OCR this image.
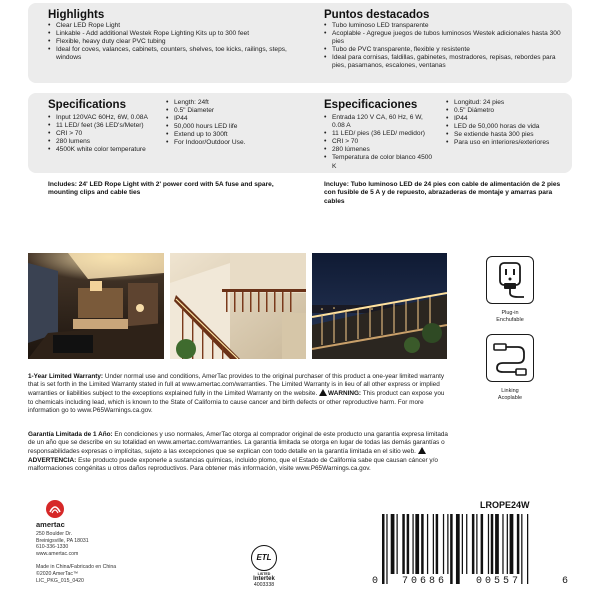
Highlights
• Clear LED Rope Light
• Linkable - Add additional Westek Rope Lighting Kits up to 300 feet
• Flexible, heavy duty clear PVC tubing
• Ideal for coves, valances, cabinets, counters, shelves, toe kicks, railings, steps, windows
Puntos destacados
• Tubo luminoso LED transparente
• Acoplable - Agregue juegos de tubos luminosos Westek adicionales hasta 300 pies
• Tubo de PVC transparente, flexible y resistente
• Ideal para cornisas, faldillas, gabinetes, mostradores, repisas, rebordes para pies, pasamanos, escalones, ventanas
Specifications
• Input 120VAC 60Hz, 6W, 0.08A
• 11 LED/ feet (36 LED's/Meter)
• CRI > 70
• 280 lumens
• 4500K white color temperature
• Length: 24ft
• 0.5" Diameter
• IP44
• 50,000 hours LED life
• Extend up to 300ft
• For Indoor/Outdoor Use.
Especificaciones
• Entrada 120 V CA, 60 Hz, 6 W, 0.08 A
• 11 LED/ pies (36 LED/ medidor)
• CRI > 70
• 280 lúmenes
• Temperatura de color blanco 4500 K
• Longitud: 24 pies
• 0.5" Diámetro
• IP44
• LED de 50,000 horas de vida
• Se extiende hasta 300 pies
• Para uso en interiores/exteriores
Includes: 24' LED Rope Light with 2' power cord with 5A fuse and spare, mounting clips and cable ties
Incluye: Tubo luminoso LED de 24 pies con cable de alimentación de 2 pies con fusible de 5 A y de repuesto, abrazaderas de montaje y amarras para cables
Plug-in
Enchufable
Linking
Acoplable
1-Year Limited Warranty: Under normal use and conditions, AmerTac provides to the original purchaser of this product a one-year limited warranty that is set forth in the Limited Warranty stated in full at www.amertac.com/warranties. The Limited Warranty is in lieu of all other express or implied warranties or liabilities subject to the exceptions explained fully in the Limited Warranty on the website. WARNING: This product can expose you to chemicals including lead, which is known to the State of California to cause cancer and birth defects or other reproductive harm. For more information go to www.P65Warnings.ca.gov.
Garantía Limitada de 1 Año: En condiciones y uso normales, AmerTac otorga al comprador original de este producto una garantía expresa limitada de un año que se describe en su totalidad en www.amertac.com/warranties. La garantía limitada se otorga en lugar de todas las demás garantías o responsabilidades expresas o implícitas, sujeto a las excepciones que se explican con todo detalle en la garantía limitada en el sitio web. ADVERTENCIA: Este producto puede exponerle a sustancias químicas, incluido plomo, que el Estado de California sabe que causan cáncer y/o malformaciones congénitas u otros daños reproductivos. Para obtener más información, visite www.P65Warnings.ca.gov.
amertac
250 Boulder Dr.
Breinigsville, PA 18031
610-336-1330
www.amertac.com
Made in China/Fabricado en China
©2020 AmerTac™
LIC_PKG_015_0420
ETL
LISTED
Intertek
4003338
LROPE24W
0 70686	00557	6
